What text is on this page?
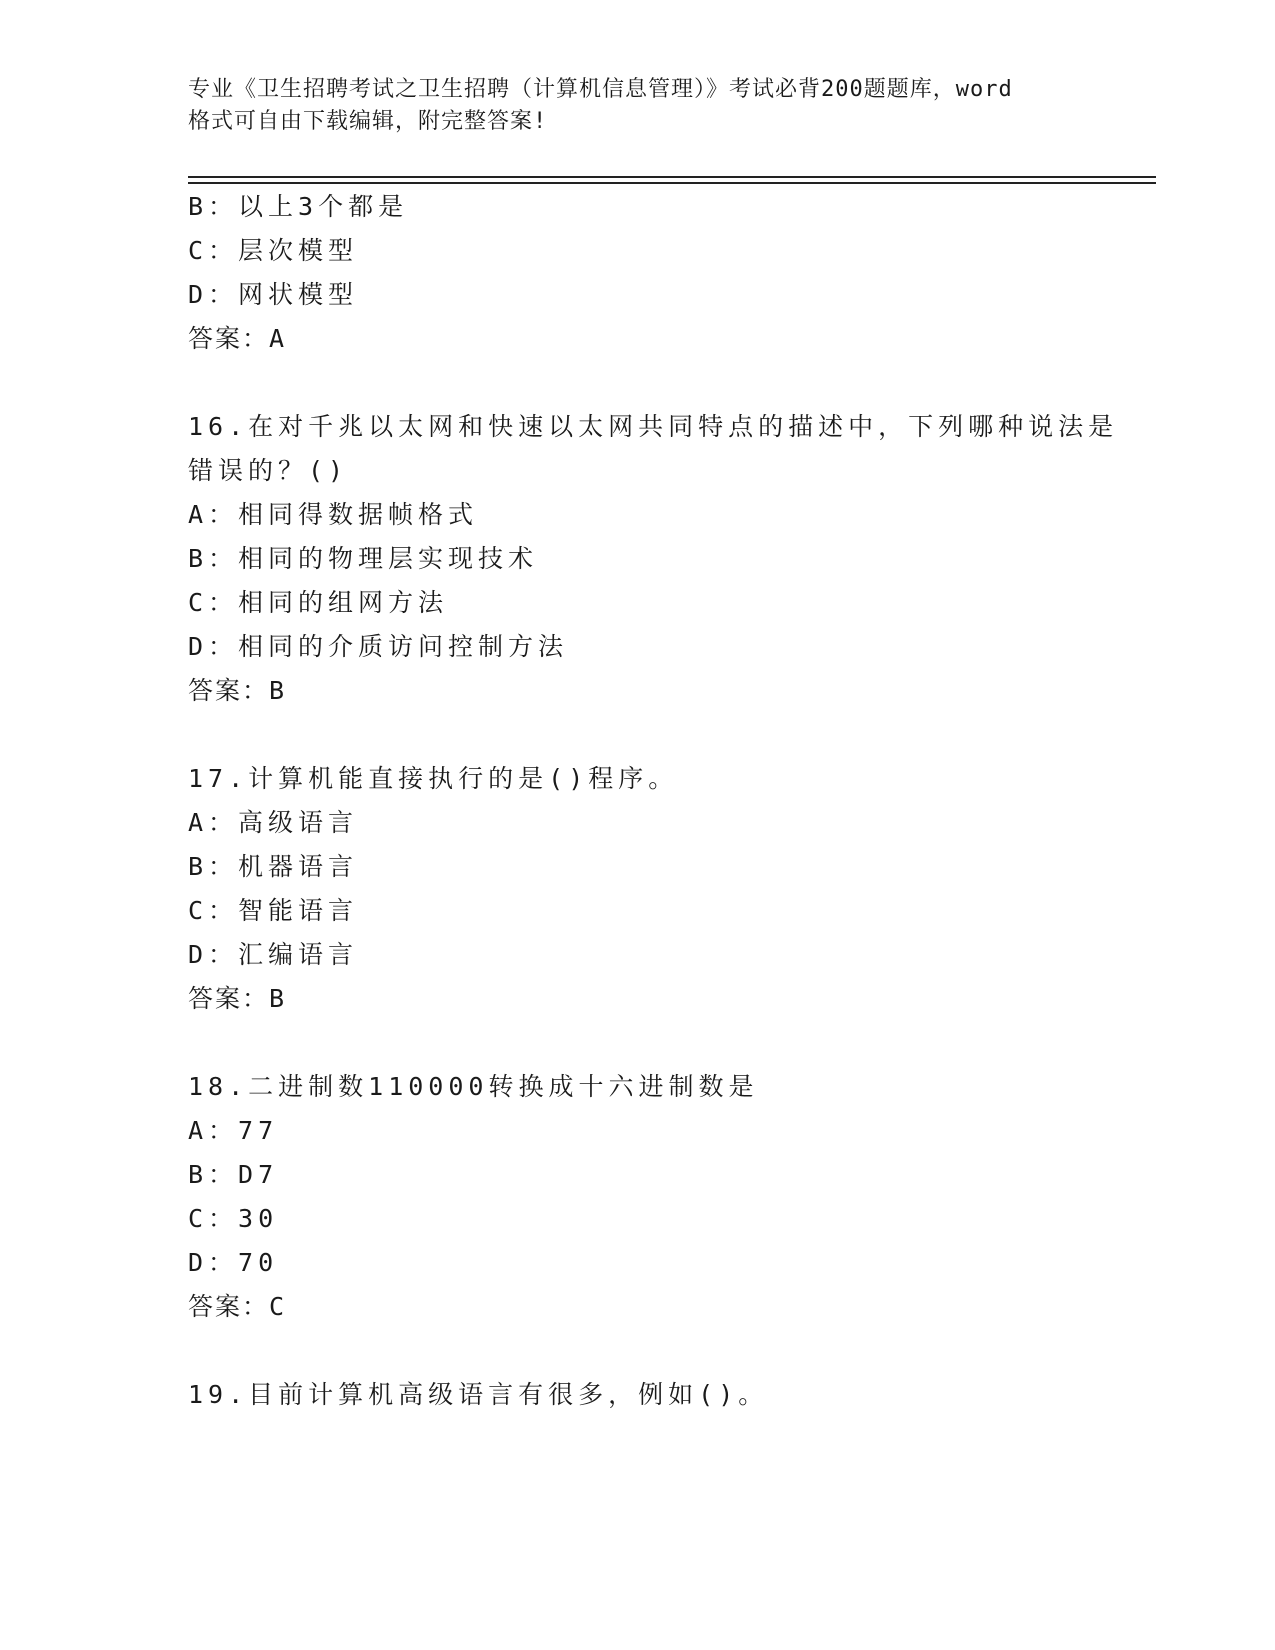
专业《卫生招聘考试之卫生招聘（计算机信息管理）》考试必背200题题库，word
格式可自由下载编辑，附完整答案!
B：以上3个都是
C：层次模型
D：网状模型
答案：A
16.在对千兆以太网和快速以太网共同特点的描述中，下列哪种说法是
错误的？()
A：相同得数据帧格式
B：相同的物理层实现技术
C：相同的组网方法
D：相同的介质访问控制方法
答案：B
17.计算机能直接执行的是()程序。
A：高级语言
B：机器语言
C：智能语言
D：汇编语言
答案：B
18.二进制数110000转换成十六进制数是
A：77
B：D7
C：30
D：70
答案：C
19.目前计算机高级语言有很多，例如()。
